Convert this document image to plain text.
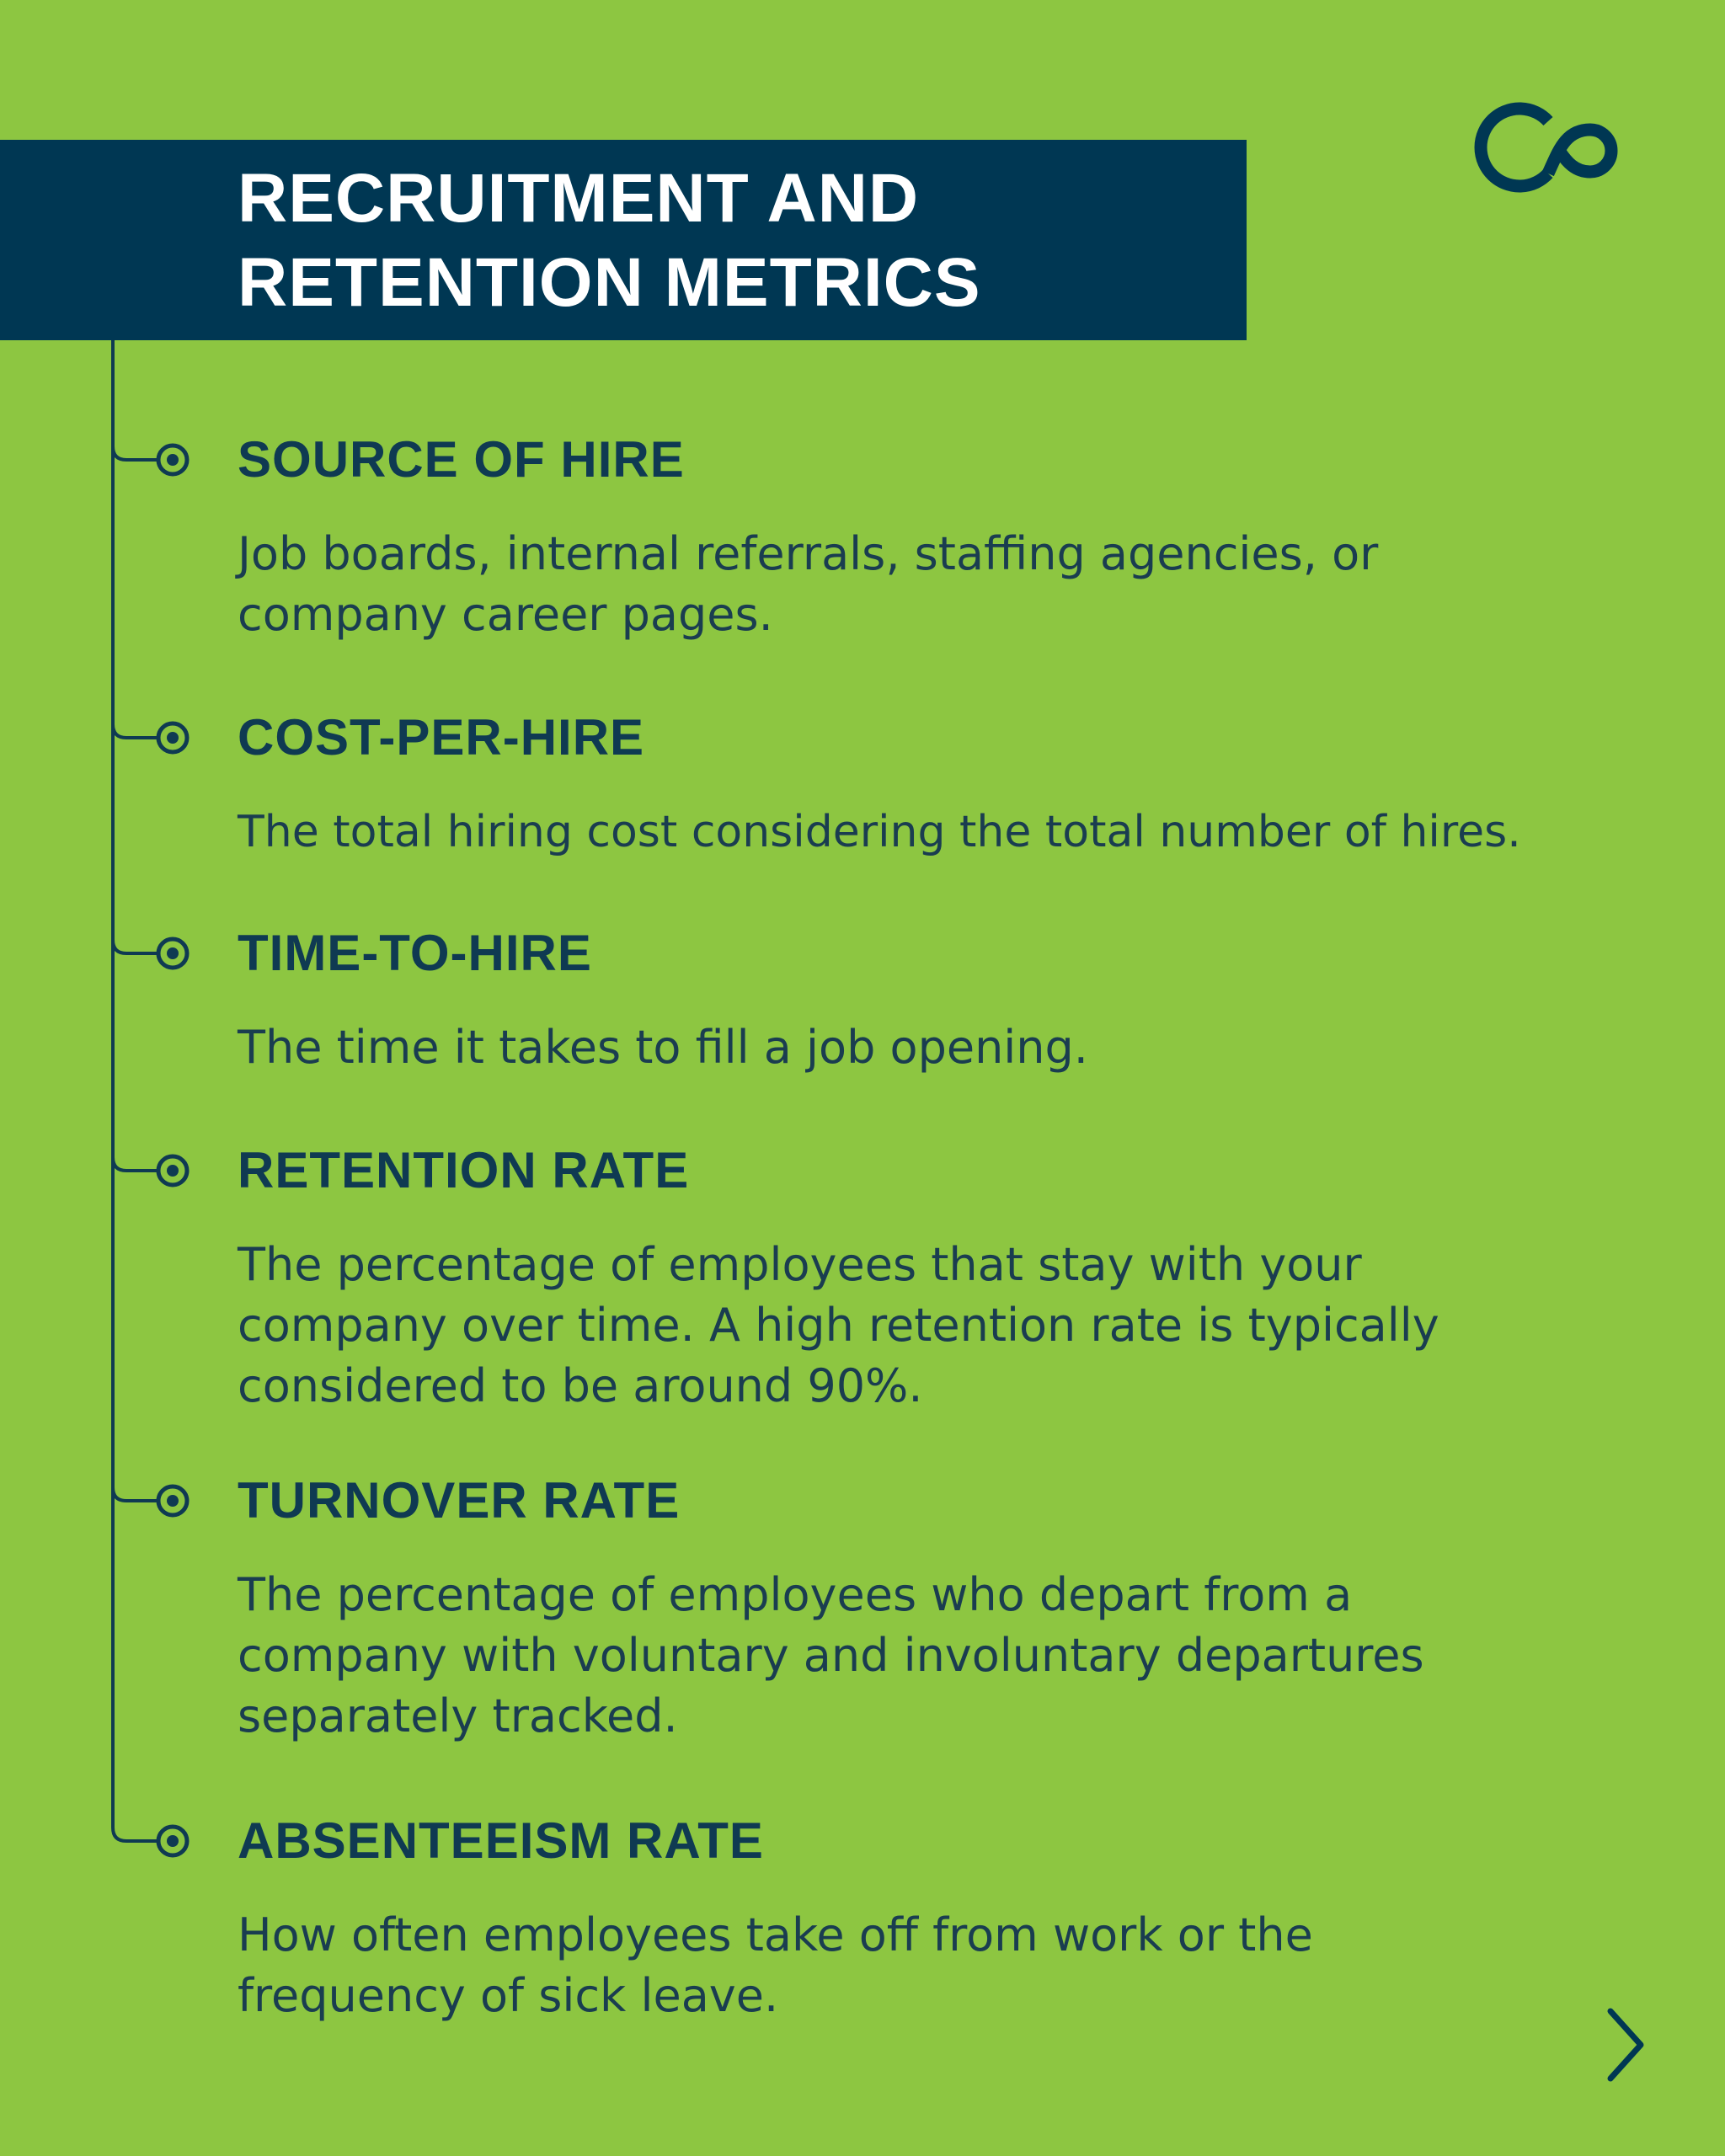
RECRUITMENT AND
RETENTION METRICS
SOURCE OF HIRE

Job boards, internal referrals, staffing agencies, or company career pages.

COST-PER-HIRE

The total hiring cost considering the total number of hires.

TIME-TO-HIRE

The time it takes to fill a job opening.

RETENTION RATE

The percentage of employees that stay with your company over time. A high retention rate is typically considered to be around 90%.

TURNOVER RATE

The percentage of employees who depart from a company with voluntary and involuntary departures separately tracked.

ABSENTEEISM RATE

How often employees take off from work or the frequency of sick leave.
